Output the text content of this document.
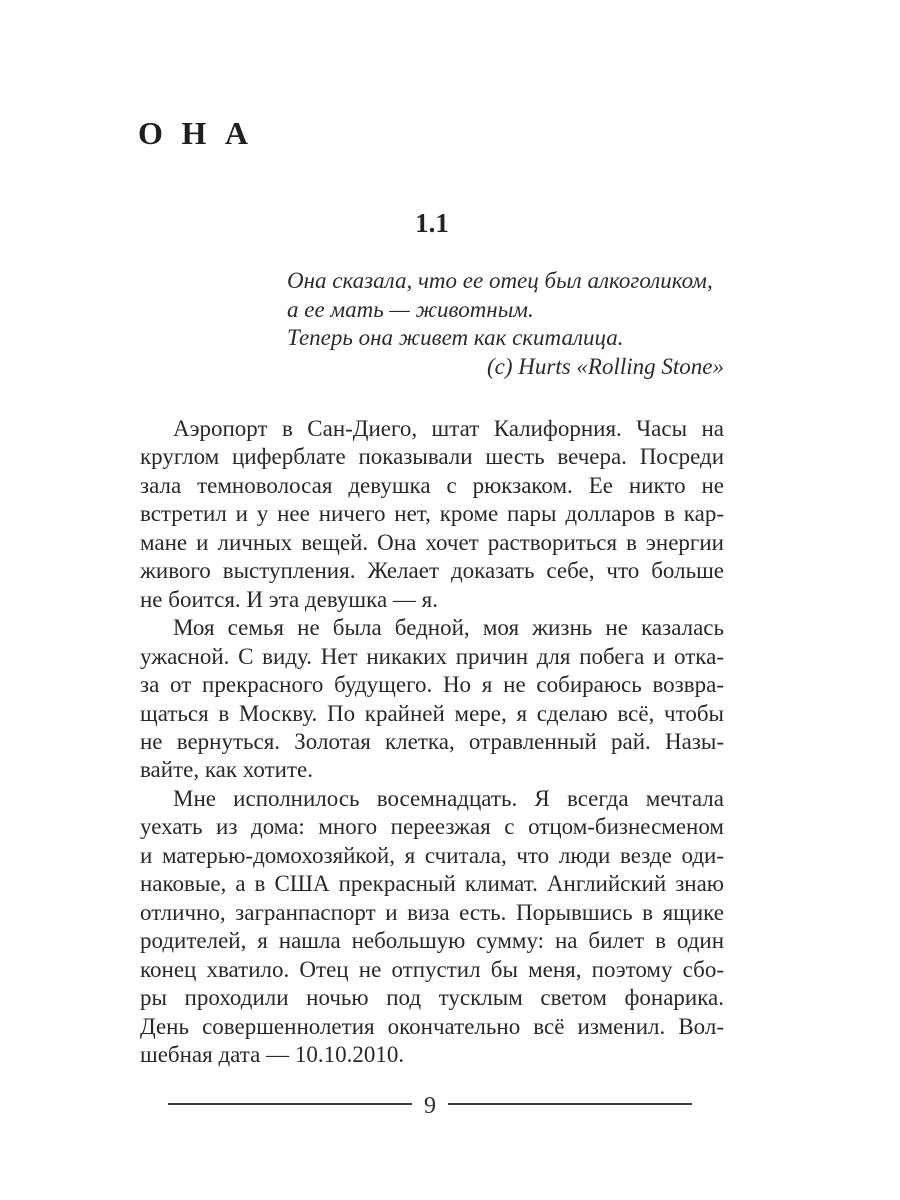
ОНА
1.1
Она сказала, что ее отец был алкоголиком,
а ее мать — животным.
Теперь она живет как скиталица.
(c) Hurts «Rolling Stone»
Аэропорт в Сан-Диего, штат Калифорния. Часы на
круглом циферблате показывали шесть вечера. Посреди
зала темноволосая девушка с рюкзаком. Ее никто не
встретил и у нее ничего нет, кроме пары долларов в кар-
мане и личных вещей. Она хочет раствориться в энергии
живого выступления. Желает доказать себе, что больше
не боится. И эта девушка — я.
Моя семья не была бедной, моя жизнь не казалась
ужасной. С виду. Нет никаких причин для побега и отка-
за от прекрасного будущего. Но я не собираюсь возвра-
щаться в Москву. По крайней мере, я сделаю всё, чтобы
не вернуться. Золотая клетка, отравленный рай. Назы-
вайте, как хотите.
Мне исполнилось восемнадцать. Я всегда мечтала
уехать из дома: много переезжая с отцом-бизнесменом
и матерью-домохозяйкой, я считала, что люди везде оди-
наковые, а в США прекрасный климат. Английский знаю
отлично, загранпаспорт и виза есть. Порывшись в ящике
родителей, я нашла небольшую сумму: на билет в один
конец хватило. Отец не отпустил бы меня, поэтому сбо-
ры проходили ночью под тусклым светом фонарика.
День совершеннолетия окончательно всё изменил. Вол-
шебная дата — 10.10.2010.
9
